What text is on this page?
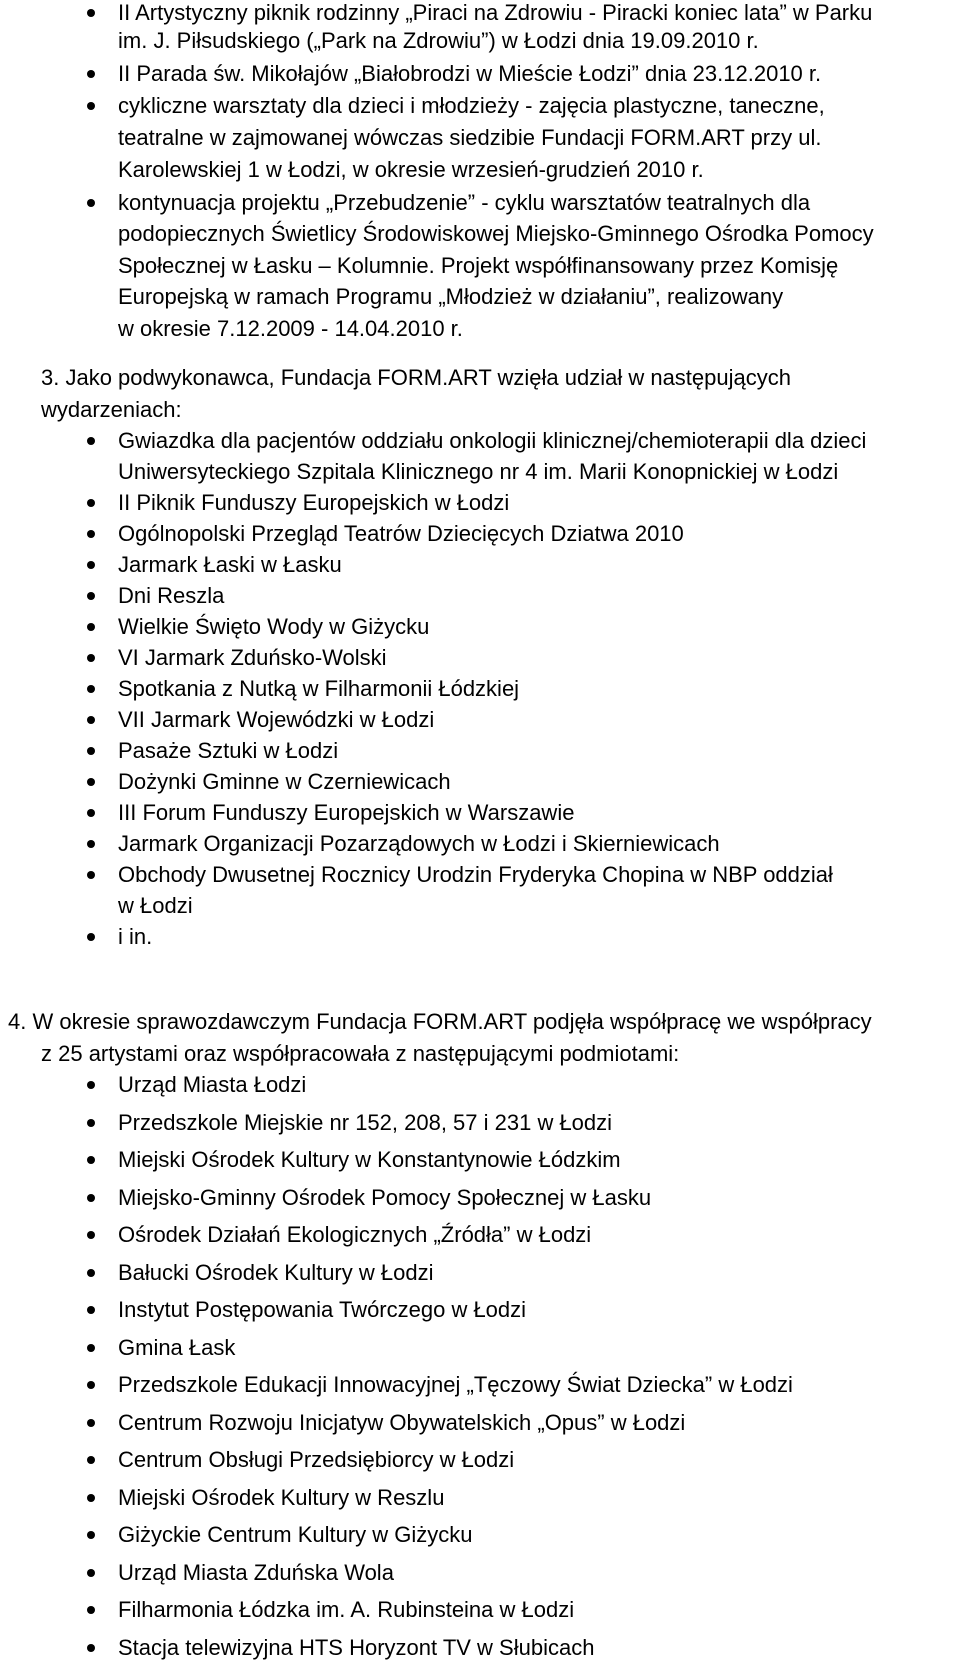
II Artystyczny piknik rodzinny „Piraci na Zdrowiu - Piracki koniec lata” w Parku
im. J. Piłsudskiego („Park na Zdrowiu”) w Łodzi dnia 19.09.2010 r.
II Parada św. Mikołajów „Białobrodzi w Mieście Łodzi” dnia 23.12.2010 r.
cykliczne warsztaty dla dzieci i młodzieży - zajęcia plastyczne, taneczne,
teatralne w zajmowanej wówczas siedzibie Fundacji FORM.ART przy ul.
Karolewskiej 1 w Łodzi, w okresie wrzesień-grudzień 2010 r.
kontynuacja projektu „Przebudzenie” - cyklu warsztatów teatralnych dla
podopiecznych Świetlicy Środowiskowej Miejsko-Gminnego Ośrodka Pomocy
Społecznej w Łasku – Kolumnie. Projekt współfinansowany przez Komisję
Europejską w ramach Programu „Młodzież w działaniu”, realizowany
w okresie 7.12.2009 - 14.04.2010 r.
3. Jako podwykonawca, Fundacja FORM.ART wzięła udział w następujących
wydarzeniach:
Gwiazdka dla pacjentów oddziału onkologii klinicznej/chemioterapii dla dzieci
Uniwersyteckiego Szpitala Klinicznego nr 4 im. Marii Konopnickiej w Łodzi
II Piknik Funduszy Europejskich w Łodzi
Ogólnopolski Przegląd Teatrów Dziecięcych Dziatwa 2010
Jarmark Łaski w Łasku
Dni Reszla
Wielkie Święto Wody w Giżycku
VI Jarmark Zduńsko-Wolski
Spotkania z Nutką w Filharmonii Łódzkiej
VII Jarmark Wojewódzki w Łodzi
Pasaże Sztuki w Łodzi
Dożynki Gminne w Czerniewicach
III Forum Funduszy Europejskich w Warszawie
Jarmark Organizacji Pozarządowych w Łodzi i Skierniewicach
Obchody Dwusetnej Rocznicy Urodzin Fryderyka Chopina w NBP oddział
w Łodzi
i in.
4. W okresie sprawozdawczym Fundacja FORM.ART podjęła współpracę we współpracy
z 25 artystami oraz współpracowała z następującymi podmiotami:
Urząd Miasta Łodzi
Przedszkole Miejskie nr 152, 208, 57 i 231 w Łodzi
Miejski Ośrodek Kultury w Konstantynowie Łódzkim
Miejsko-Gminny Ośrodek Pomocy Społecznej w Łasku
Ośrodek Działań Ekologicznych „Źródła” w Łodzi
Bałucki Ośrodek Kultury w Łodzi
Instytut Postępowania Twórczego w Łodzi
Gmina Łask
Przedszkole Edukacji Innowacyjnej „Tęczowy Świat Dziecka” w Łodzi
Centrum Rozwoju Inicjatyw Obywatelskich „Opus” w Łodzi
Centrum Obsługi Przedsiębiorcy w Łodzi
Miejski Ośrodek Kultury w Reszlu
Giżyckie Centrum Kultury w Giżycku
Urząd Miasta Zduńska Wola
Filharmonia Łódzka im. A. Rubinsteina w Łodzi
Stacja telewizyjna HTS Horyzont TV w Słubicach
